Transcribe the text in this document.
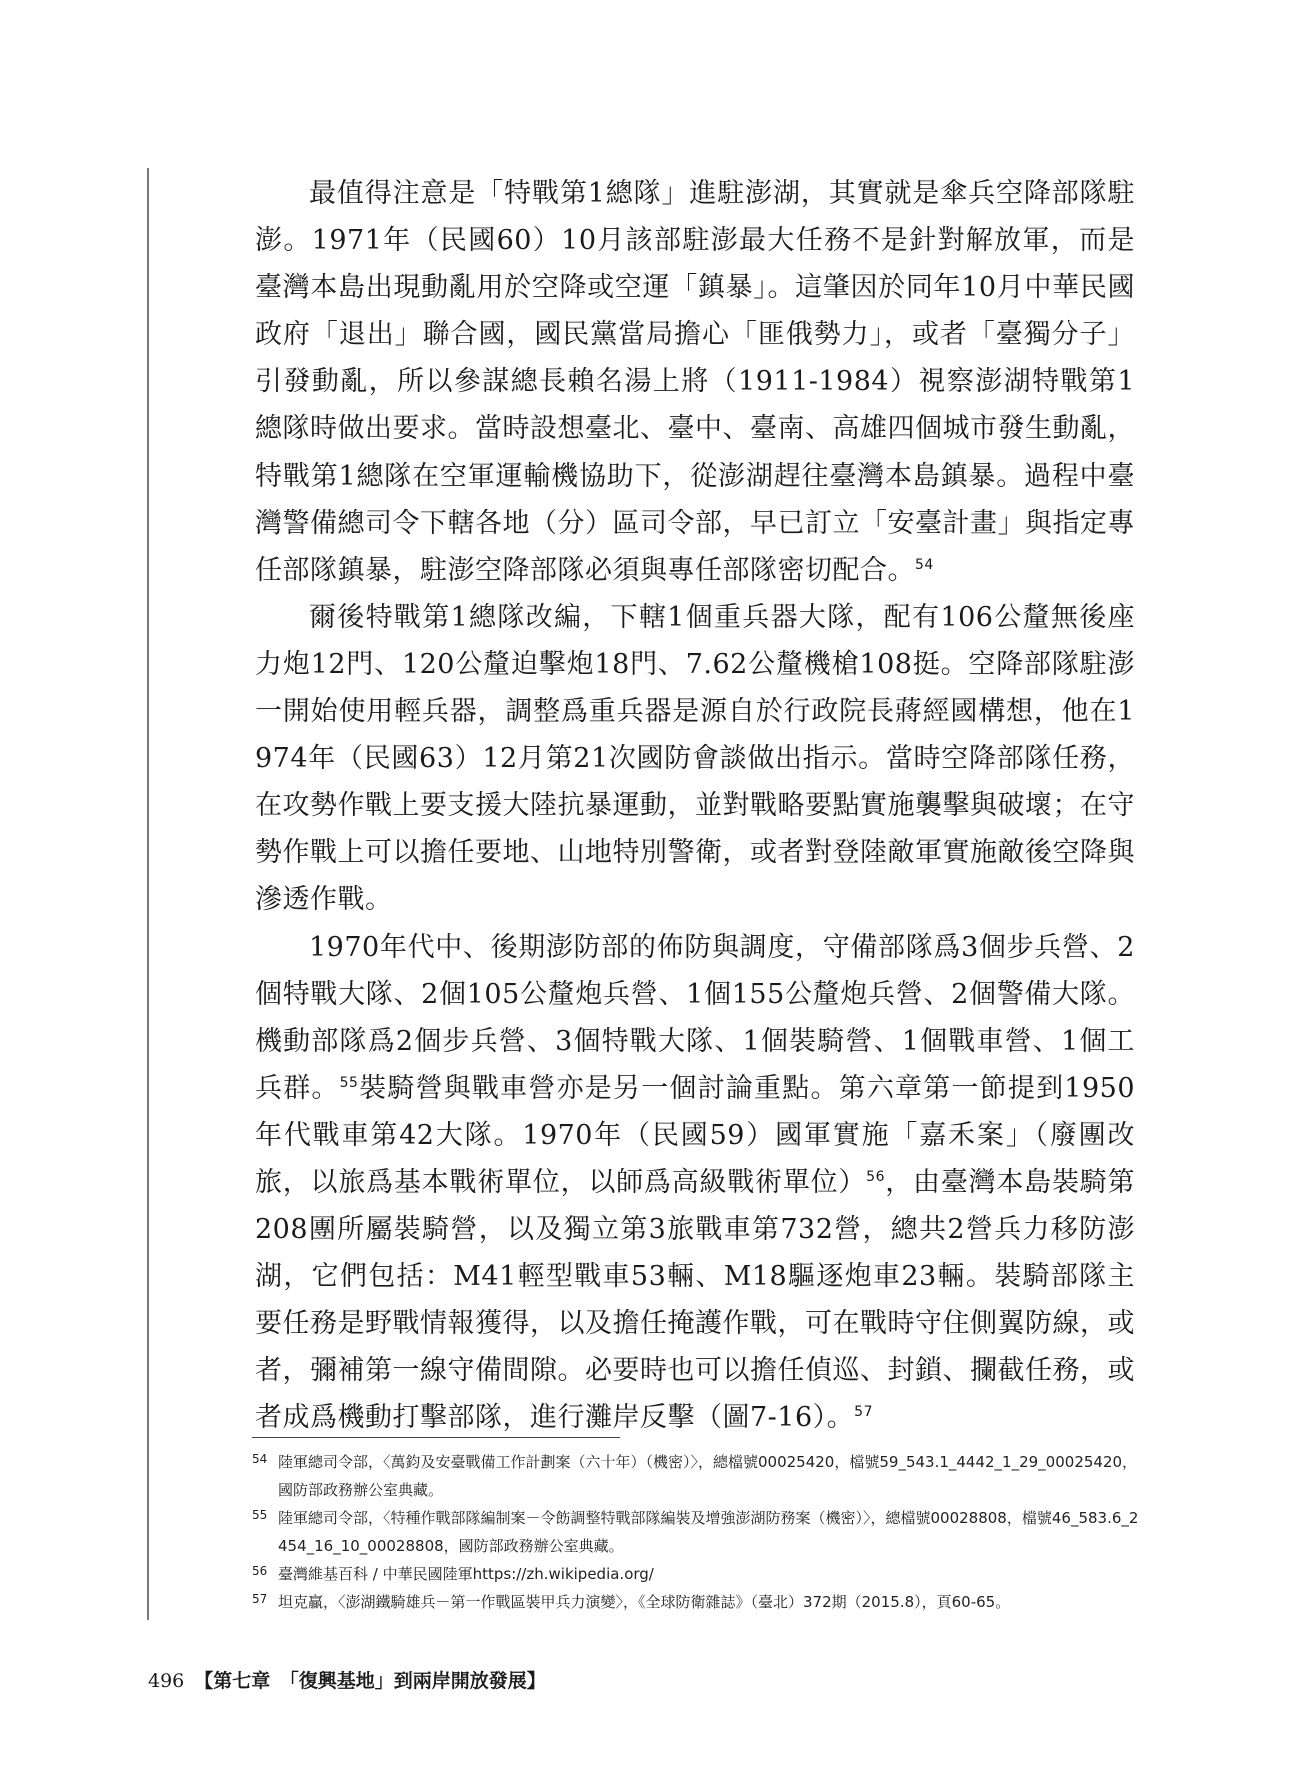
最值得注意是「特戰第1總隊」進駐澎湖，其實就是傘兵空降部隊駐澎。1971年（民國60）10月該部駐澎最大任務不是針對解放軍，而是臺灣本島出現動亂用於空降或空運「鎮暴」。這肇因於同年10月中華民國政府「退出」聯合國，國民黨當局擔心「匪俄勢力」，或者「臺獨分子」引發動亂，所以參謀總長賴名湯上將（1911-1984）視察澎湖特戰第1總隊時做出要求。當時設想臺北、臺中、臺南、高雄四個城市發生動亂，特戰第1總隊在空軍運輸機協助下，從澎湖趕往臺灣本島鎮暴。過程中臺灣警備總司令下轄各地（分）區司令部，早已訂立「安臺計畫」與指定專任部隊鎮暴，駐澎空降部隊必須與專任部隊密切配合。$^{54}$

爾後特戰第1總隊改編，下轄1個重兵器大隊，配有106公釐無後座力炮12門、120公釐迫擊炮18門、7.62公釐機槍108挺。空降部隊駐澎一開始使用輕兵器，調整爲重兵器是源自於行政院長蔣經國構想，他在1974年（民國63）12月第21次國防會談做出指示。當時空降部隊任務，在攻勢作戰上要支援大陸抗暴運動，並對戰略要點實施襲擊與破壞；在守勢作戰上可以擔任要地、山地特別警衛，或者對登陸敵軍實施敵後空降與滲透作戰。

1970年代中、後期澎防部的佈防與調度，守備部隊爲3個步兵營、2個特戰大隊、2個105公釐炮兵營、1個155公釐炮兵營、2個警備大隊。機動部隊爲2個步兵營、3個特戰大隊、1個裝騎營、1個戰車營、1個工兵群。$^{55}$裝騎營與戰車營亦是另一個討論重點。第六章第一節提到1950年代戰車第42大隊。1970年（民國59）國軍實施「嘉禾案」（廢團改旅，以旅爲基本戰術單位，以師爲高級戰術單位）$^{56}$，由臺灣本島裝騎第208團所屬裝騎營，以及獨立第3旅戰車第732營，總共2營兵力移防澎湖，它們包括：M41輕型戰車53輛、M18驅逐炮車23輛。裝騎部隊主要任務是野戰情報獲得，以及擔任掩護作戰，可在戰時守住側翼防線，或者，彌補第一線守備間隙。必要時也可以擔任偵巡、封鎖、攔截任務，或者成爲機動打擊部隊，進行灘岸反擊（圖7-16）。$^{57}$

54 陸軍總司令部，〈萬鈞及安臺戰備工作計劃案（六十年）（機密）〉，總檔號00025420，檔號59_543.1_4442_1_29_00025420，國防部政務辦公室典藏。
55 陸軍總司令部，〈特種作戰部隊編制案－令飭調整特戰部隊編裝及增強澎湖防務案（機密）〉，總檔號00028808，檔號46_583.6_2454_16_10_00028808，國防部政務辦公室典藏。
56 臺灣維基百科 / 中華民國陸軍https://zh.wikipedia.org/
57 坦克贏，〈澎湖鐵騎雄兵－第一作戰區裝甲兵力演變〉，《全球防衛雜誌》（臺北）372期（2015.8），頁60-65。
496 【第七章　「復興基地」到兩岸開放發展】
